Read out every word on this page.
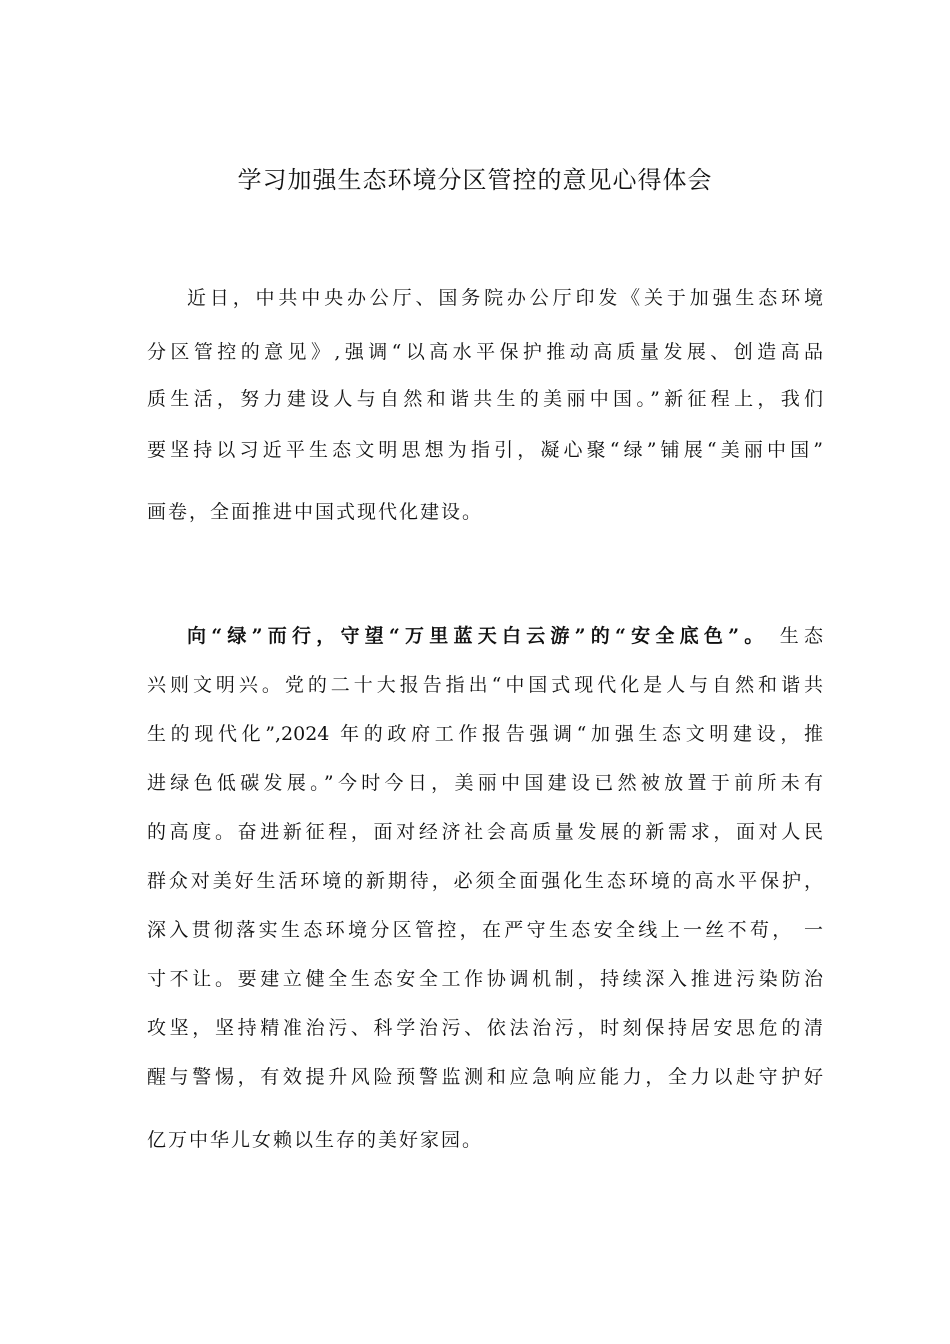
学习加强生态环境分区管控的意见心得体会

近日，中共中央办公厅、国务院办公厅印发《关于加强生态环境

分区管控的意见》,强调“以高水平保护推动高质量发展、创造高品

质生活，努力建设人与自然和谐共生的美丽中国。”新征程上，我们

要坚持以习近平生态文明思想为指引，凝心聚“绿”铺展“美丽中国”

画卷，全面推进中国式现代化建设。

向“绿”而行，守望“万里蓝天白云游”的“安全底色”。 生态

兴则文明兴。党的二十大报告指出“中国式现代化是人与自然和谐共

生的现代化”,2024 年的政府工作报告强调“加强生态文明建设，推

进绿色低碳发展。”今时今日，美丽中国建设已然被放置于前所未有

的高度。奋进新征程，面对经济社会高质量发展的新需求，面对人民

群众对美好生活环境的新期待，必须全面强化生态环境的高水平保护，

深入贯彻落实生态环境分区管控，在严守生态安全线上一丝不苟， 一

寸不让。要建立健全生态安全工作协调机制，持续深入推进污染防治

攻坚，坚持精准治污、科学治污、依法治污，时刻保持居安思危的清

醒与警惕，有效提升风险预警监测和应急响应能力，全力以赴守护好

亿万中华儿女赖以生存的美好家园。
